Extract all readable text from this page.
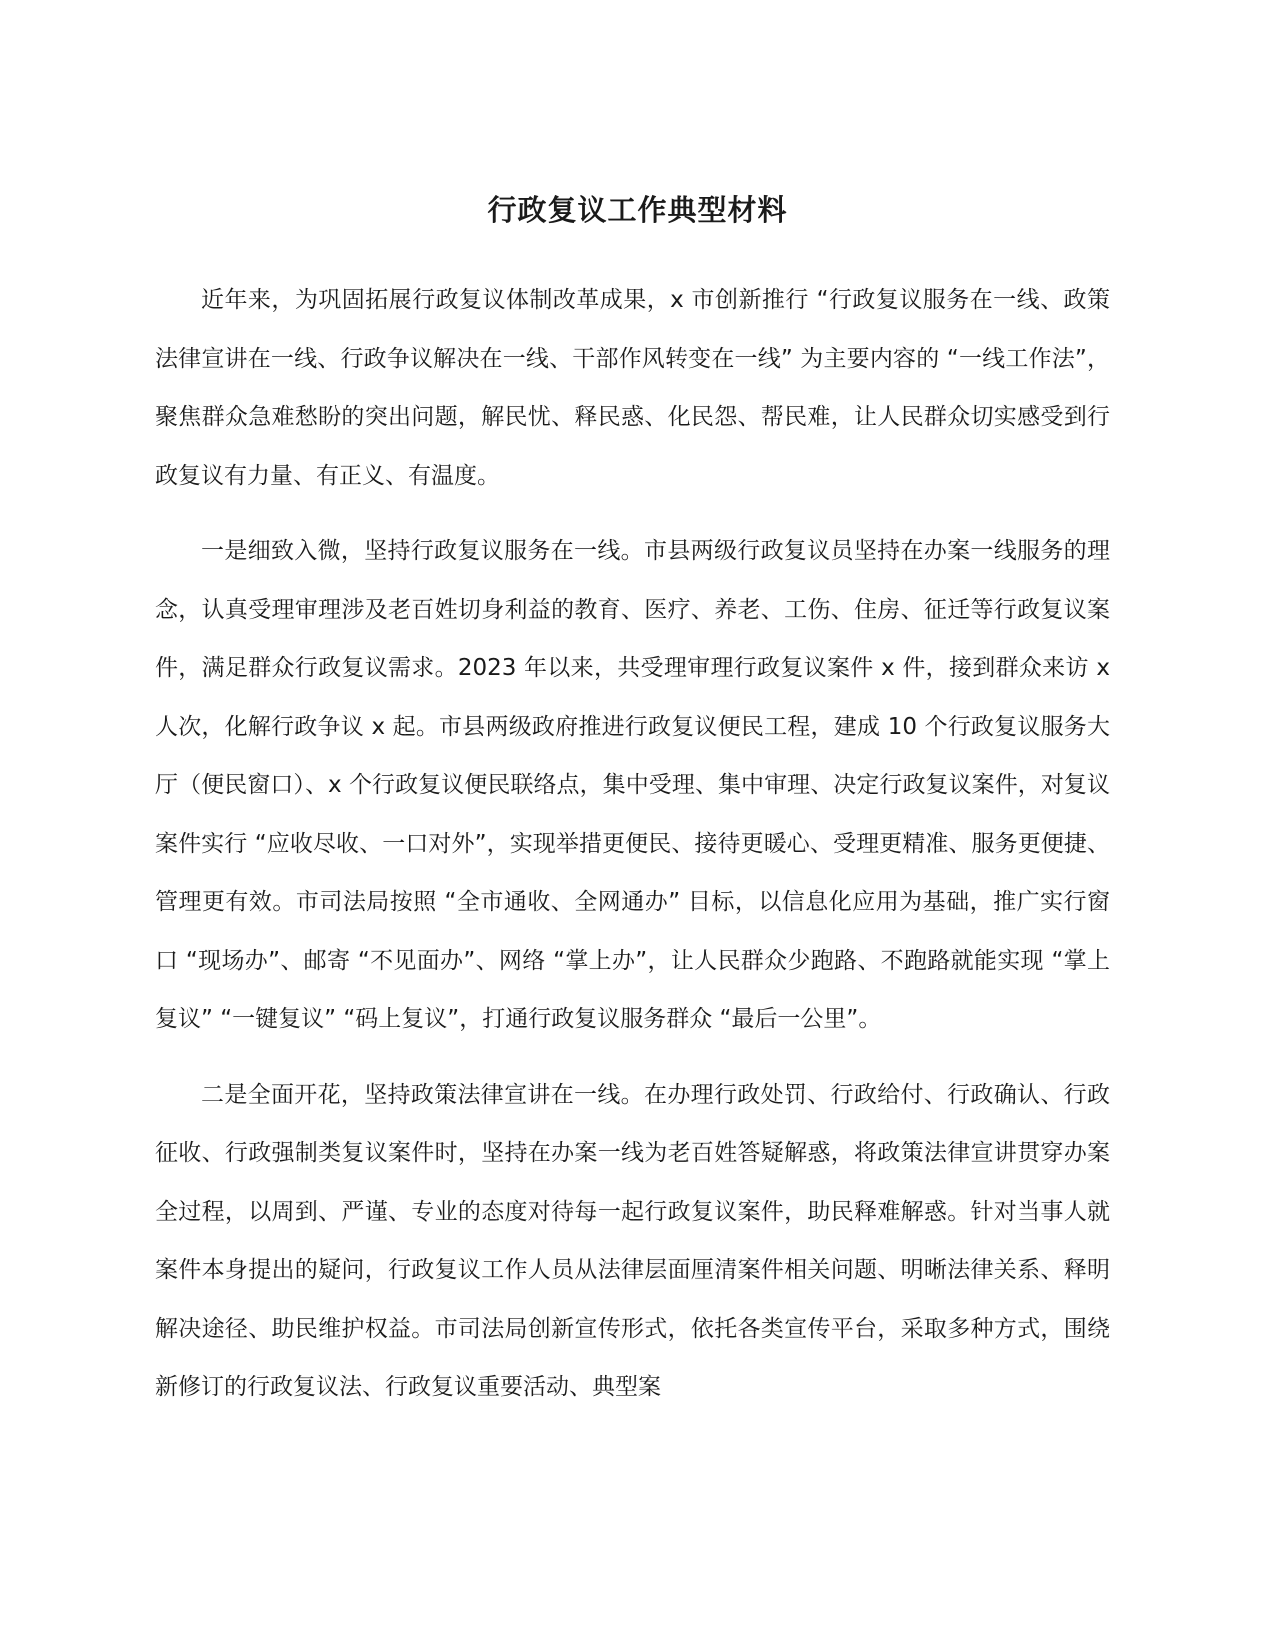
行政复议工作典型材料

近年来，为巩固拓展行政复议体制改革成果，x 市创新推行 “行政复议服务在一线、政策法律宣讲在一线、行政争议解决在一线、干部作风转变在一线” 为主要内容的 “一线工作法”，聚焦群众急难愁盼的突出问题，解民忧、释民惑、化民怨、帮民难，让人民群众切实感受到行政复议有力量、有正义、有温度。

一是细致入微，坚持行政复议服务在一线。市县两级行政复议员坚持在办案一线服务的理念，认真受理审理涉及老百姓切身利益的教育、医疗、养老、工伤、住房、征迁等行政复议案件，满足群众行政复议需求。2023 年以来，共受理审理行政复议案件 x 件，接到群众来访 x 人次，化解行政争议 x 起。市县两级政府推进行政复议便民工程，建成 10 个行政复议服务大厅（便民窗口）、x 个行政复议便民联络点，集中受理、集中审理、决定行政复议案件，对复议案件实行 “应收尽收、一口对外”，实现举措更便民、接待更暖心、受理更精准、服务更便捷、管理更有效。市司法局按照 “全市通收、全网通办” 目标，以信息化应用为基础，推广实行窗口 “现场办”、邮寄 “不见面办”、网络 “掌上办”，让人民群众少跑路、不跑路就能实现 “掌上复议” “一键复议” “码上复议”，打通行政复议服务群众 “最后一公里”。

二是全面开花，坚持政策法律宣讲在一线。在办理行政处罚、行政给付、行政确认、行政征收、行政强制类复议案件时，坚持在办案一线为老百姓答疑解惑，将政策法律宣讲贯穿办案全过程，以周到、严谨、专业的态度对待每一起行政复议案件，助民释难解惑。针对当事人就案件本身提出的疑问，行政复议工作人员从法律层面厘清案件相关问题、明晰法律关系、释明解决途径、助民维护权益。市司法局创新宣传形式，依托各类宣传平台，采取多种方式，围绕新修订的行政复议法、行政复议重要活动、典型案
